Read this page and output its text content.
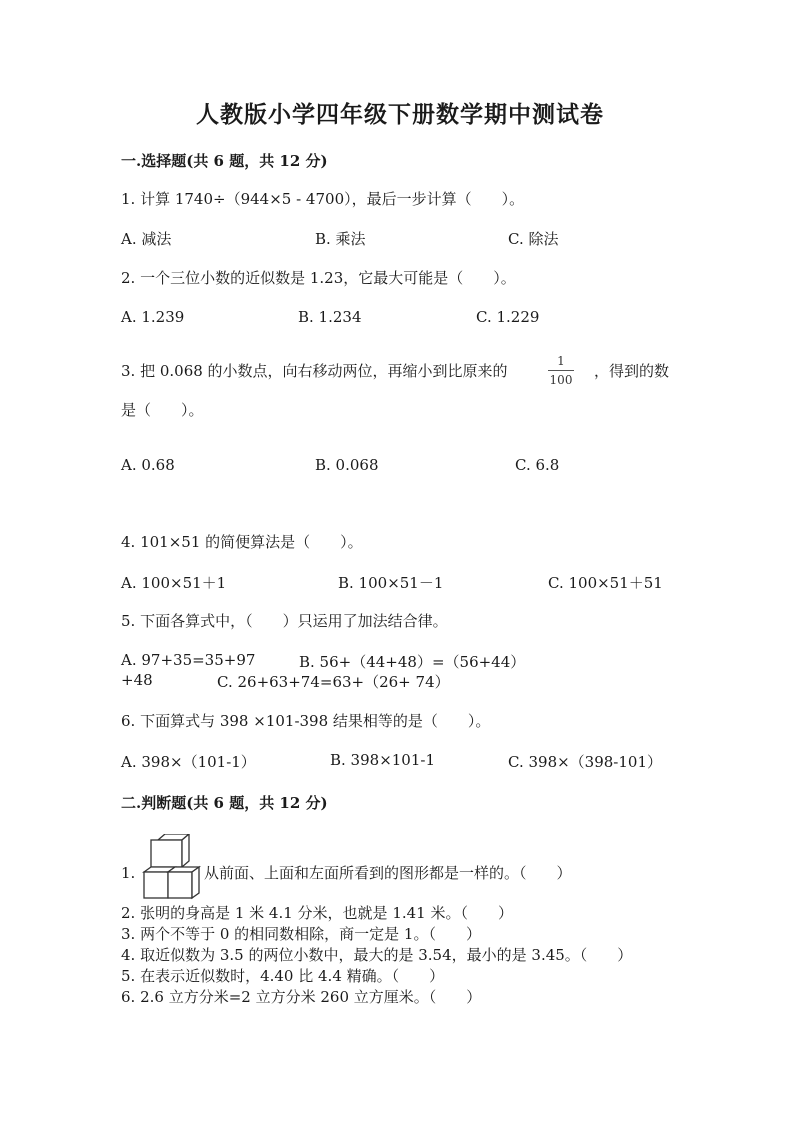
人教版小学四年级下册数学期中测试卷
一.选择题(共 6 题，共 12 分)
1. 计算 1740÷（944×5 - 4700），最后一步计算（　　）。
A. 减法	B. 乘法	C. 除法
2. 一个三位小数的近似数是 1.23，它最大可能是（　　）。
A. 1.239	B. 1.234	C. 1.229
3. 把 0.068 的小数点，向右移动两位，再缩小到比原来的
1
100 ，得到的数
是（　　）。
A. 0.68	B. 0.068	C. 6.8
4. 101×51 的简便算法是（　　）。
A. 100×51＋1	B. 100×51－1	C. 100×51＋51
5. 下面各算式中，（　　）只运用了加法结合律。
A. 97+35=35+97	B. 56+（44+48）=（56+44）
+48	C. 26+63+74=63+（26+ 74）
6. 下面算式与 398 ×101-398 结果相等的是（　　）。
A. 398×（101-1）	B. 398×101-1	C. 398×（398-101）
二.判断题(共 6 题，共 12 分)
1.	从前面、上面和左面所看到的图形都是一样的。（　　）
2. 张明的身高是 1 米 4.1 分米，也就是 1.41 米。（　　）
3. 两个不等于 0 的相同数相除，商一定是 1。（　　）
4. 取近似数为 3.5 的两位小数中，最大的是 3.54，最小的是 3.45。（　　）
5. 在表示近似数时，4.40 比 4.4 精确。（　　）
6. 2.6 立方分米=2 立方分米 260 立方厘米。（　　）
